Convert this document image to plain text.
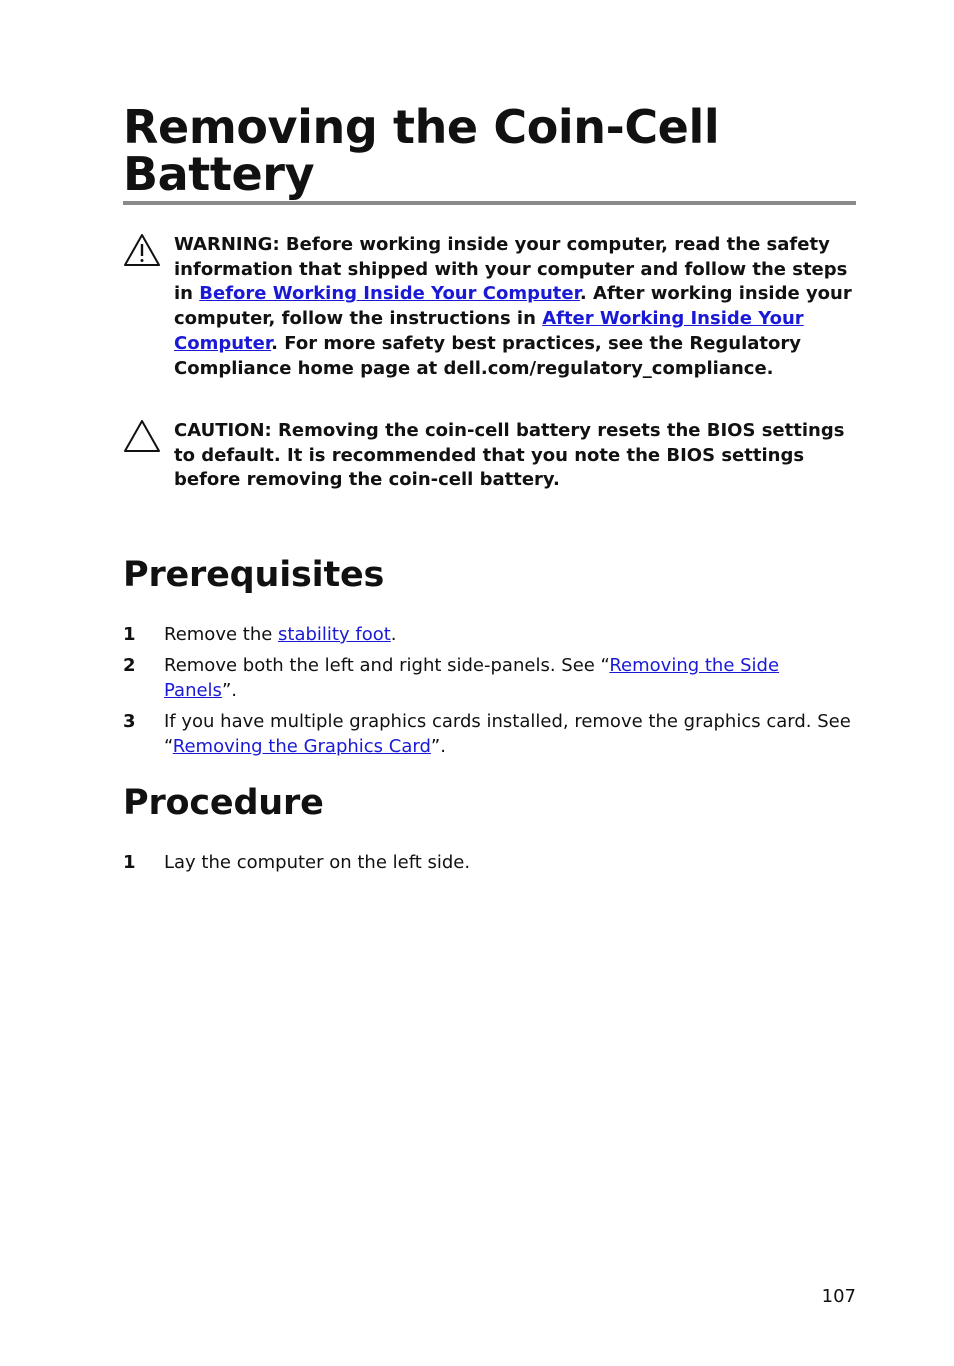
Removing the Coin-Cell Battery
WARNING: Before working inside your computer, read the safety information that shipped with your computer and follow the steps in Before Working Inside Your Computer. After working inside your computer, follow the instructions in After Working Inside Your Computer. For more safety best practices, see the Regulatory Compliance home page at dell.com/regulatory_compliance.
CAUTION: Removing the coin-cell battery resets the BIOS settings to default. It is recommended that you note the BIOS settings before removing the coin-cell battery.
Prerequisites
1 Remove the stability foot.
2 Remove both the left and right side-panels. See “Removing the Side Panels”.
3 If you have multiple graphics cards installed, remove the graphics card. See “Removing the Graphics Card”.
Procedure
1 Lay the computer on the left side.
107
